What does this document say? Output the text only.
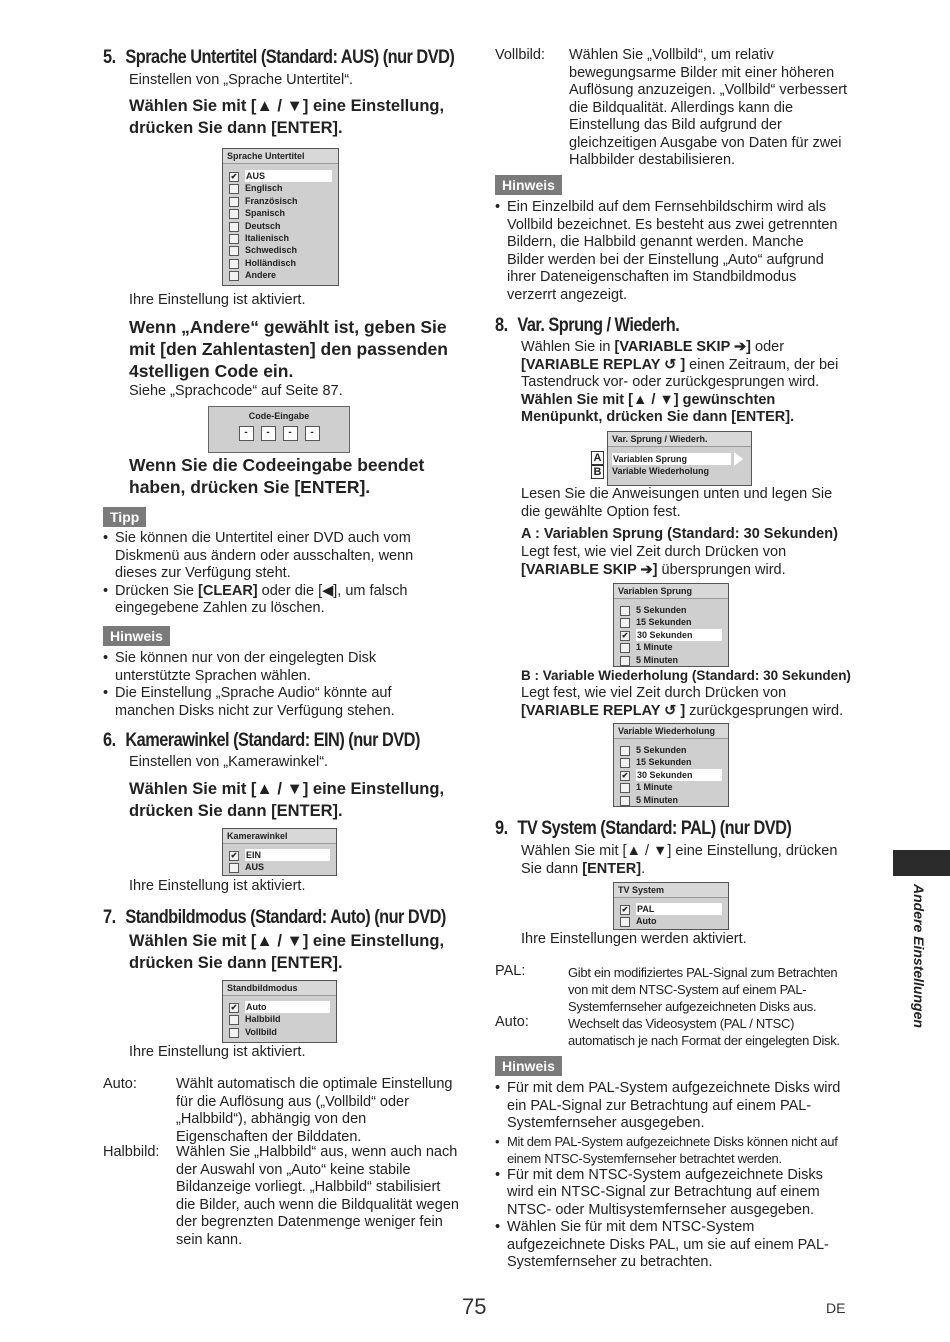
5. Sprache Untertitel (Standard: AUS) (nur DVD)
Einstellen von „Sprache Untertitel“.
Wählen Sie mit [▲ / ▼] eine Einstellung, drücken Sie dann [ENTER].
Sprache Untertitel
✔ AUS
Englisch
Französisch
Spanisch
Deutsch
Italienisch
Schwedisch
Holländisch
Andere
Ihre Einstellung ist aktiviert.
Wenn „Andere“ gewählt ist, geben Sie mit [den Zahlentasten] den passenden 4stelligen Code ein.
Siehe „Sprachcode“ auf Seite 87.
Code-Eingabe
-	-	-	-
Wenn Sie die Codeeingabe beendet haben, drücken Sie [ENTER].
Tipp
• Sie können die Untertitel einer DVD auch vom Diskmenü aus ändern oder ausschalten, wenn dieses zur Verfügung steht.
• Drücken Sie [CLEAR] oder die [◀], um falsch eingegebene Zahlen zu löschen.
Hinweis
• Sie können nur von der eingelegten Disk unterstützte Sprachen wählen.
• Die Einstellung „Sprache Audio“ könnte auf manchen Disks nicht zur Verfügung stehen.
6. Kamerawinkel (Standard: EIN) (nur DVD)
Einstellen von „Kamerawinkel“.
Wählen Sie mit [▲ / ▼] eine Einstellung, drücken Sie dann [ENTER].
Kamerawinkel
✔ EIN
AUS
Ihre Einstellung ist aktiviert.
7. Standbildmodus (Standard: Auto) (nur DVD)
Wählen Sie mit [▲ / ▼] eine Einstellung, drücken Sie dann [ENTER].
Standbildmodus
✔ Auto
Halbbild
Vollbild
Ihre Einstellung ist aktiviert.
Auto:	Wählt automatisch die optimale Einstellung für die Auflösung aus („Vollbild“ oder „Halbbild“), abhängig von den Eigenschaften der Bilddaten.
Halbbild: Wählen Sie „Halbbild“ aus, wenn auch nach der Auswahl von „Auto“ keine stabile Bildanzeige vorliegt. „Halbbild“ stabilisiert die Bilder, auch wenn die Bildqualität wegen der begrenzten Datenmenge weniger fein sein kann.
Vollbild: Wählen Sie „Vollbild“, um relativ bewegungsarme Bilder mit einer höheren Auflösung anzuzeigen. „Vollbild“ verbessert die Bildqualität. Allerdings kann die Einstellung das Bild aufgrund der gleichzeitigen Ausgabe von Daten für zwei Halbbilder destabilisieren.
Hinweis
• Ein Einzelbild auf dem Fernsehbildschirm wird als Vollbild bezeichnet. Es besteht aus zwei getrennten Bildern, die Halbbild genannt werden. Manche Bilder werden bei der Einstellung „Auto“ aufgrund ihrer Dateneigenschaften im Standbildmodus verzerrt angezeigt.
8. Var. Sprung / Wiederh.
Wählen Sie in [VARIABLE SKIP ➔] oder [VARIABLE REPLAY ↺ ] einen Zeitraum, der bei Tastendruck vor- oder zurückgesprungen wird.
Wählen Sie mit [▲ / ▼] gewünschten Menüpunkt, drücken Sie dann [ENTER].
A
B
Var. Sprung / Wiederh.
Variablen Sprung
Variable Wiederholung
Lesen Sie die Anweisungen unten und legen Sie die gewählte Option fest.
A : Variablen Sprung (Standard: 30 Sekunden)
Legt fest, wie viel Zeit durch Drücken von [VARIABLE SKIP ➔] übersprungen wird.
Variablen Sprung
5 Sekunden
15 Sekunden
✔ 30 Sekunden
1 Minute
5 Minuten
B : Variable Wiederholung (Standard: 30 Sekunden)
Legt fest, wie viel Zeit durch Drücken von [VARIABLE REPLAY ↺ ] zurückgesprungen wird.
Variable Wiederholung
5 Sekunden
15 Sekunden
✔ 30 Sekunden
1 Minute
5 Minuten
9. TV System (Standard: PAL) (nur DVD)
Wählen Sie mit [▲ / ▼] eine Einstellung, drücken Sie dann [ENTER].
TV System
✔ PAL
Auto
Ihre Einstellungen werden aktiviert.
PAL:	Gibt ein modifiziertes PAL-Signal zum Betrachten von mit dem NTSC-System auf einem PAL-Systemfernseher aufgezeichneten Disks aus.
Auto:	Wechselt das Videosystem (PAL / NTSC) automatisch je nach Format der eingelegten Disk.
Hinweis
• Für mit dem PAL-System aufgezeichnete Disks wird ein PAL-Signal zur Betrachtung auf einem PAL-Systemfernseher ausgegeben.
• Mit dem PAL-System aufgezeichnete Disks können nicht auf einem NTSC-Systemfernseher betrachtet werden.
• Für mit dem NTSC-System aufgezeichnete Disks wird ein NTSC-Signal zur Betrachtung auf einem NTSC- oder Multisystemfernseher ausgegeben.
• Wählen Sie für mit dem NTSC-System aufgezeichnete Disks PAL, um sie auf einem PAL-Systemfernseher zu betrachten.
Andere Einstellungen
75	DE
